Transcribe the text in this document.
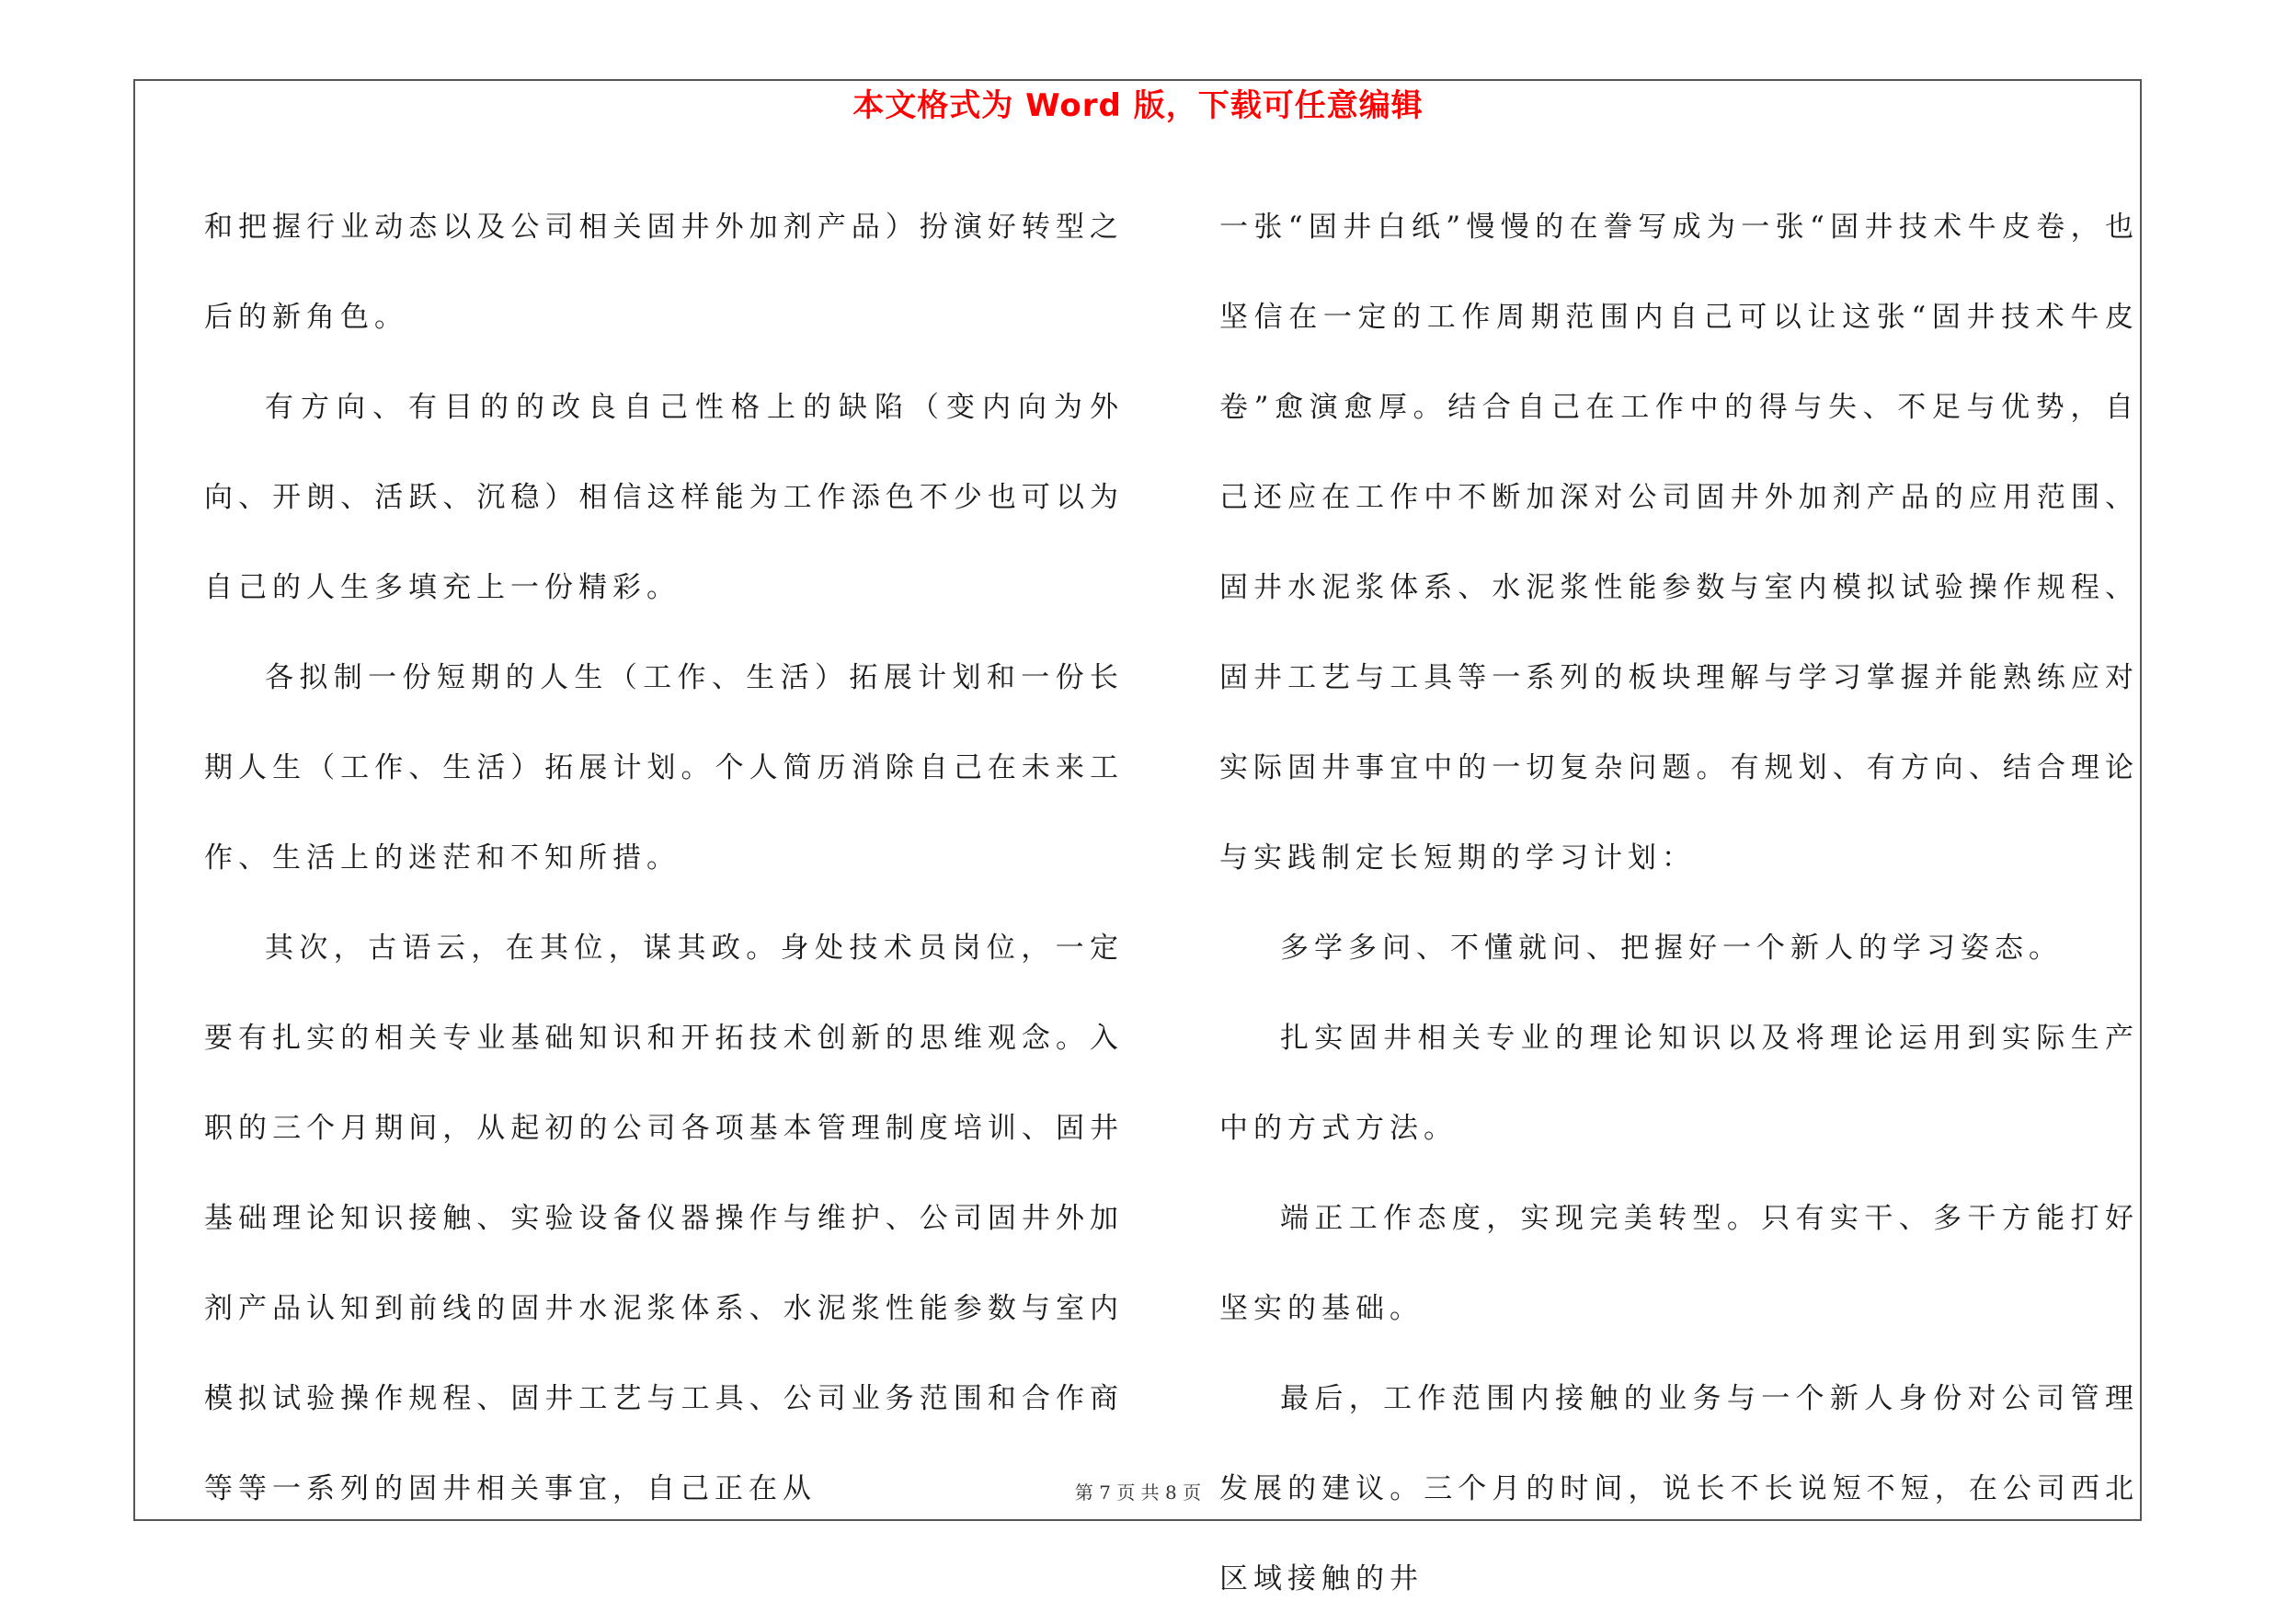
本文格式为 Word 版，下载可任意编辑

和把握行业动态以及公司相关固井外加剂产品）扮演好转型之后的新角色。

有方向、有目的的改良自己性格上的缺陷（变内向为外向、开朗、活跃、沉稳）相信这样能为工作添色不少也可以为自己的人生多填充上一份精彩。

各拟制一份短期的人生（工作、生活）拓展计划和一份长期人生（工作、生活）拓展计划。个人简历消除自己在未来工作、生活上的迷茫和不知所措。

其次，古语云，在其位，谋其政。身处技术员岗位，一定要有扎实的相关专业基础知识和开拓技术创新的思维观念。入职的三个月期间，从起初的公司各项基本管理制度培训、固井基础理论知识接触、实验设备仪器操作与维护、公司固井外加剂产品认知到前线的固井水泥浆体系、水泥浆性能参数与室内模拟试验操作规程、固井工艺与工具、公司业务范围和合作商等等一系列的固井相关事宜，自己正在从

一张“固井白纸”慢慢的在誊写成为一张“固井技术牛皮卷，也坚信在一定的工作周期范围内自己可以让这张“固井技术牛皮卷”愈演愈厚。结合自己在工作中的得与失、不足与优势，自己还应在工作中不断加深对公司固井外加剂产品的应用范围、固井水泥浆体系、水泥浆性能参数与室内模拟试验操作规程、固井工艺与工具等一系列的板块理解与学习掌握并能熟练应对实际固井事宜中的一切复杂问题。有规划、有方向、结合理论与实践制定长短期的学习计划：

多学多问、不懂就问、把握好一个新人的学习姿态。

扎实固井相关专业的理论知识以及将理论运用到实际生产中的方式方法。

端正工作态度，实现完美转型。只有实干、多干方能打好坚实的基础。

最后，工作范围内接触的业务与一个新人身份对公司管理发展的建议。三个月的时间，说长不长说短不短，在公司西北区域接触的井

第 7 页 共 8 页
